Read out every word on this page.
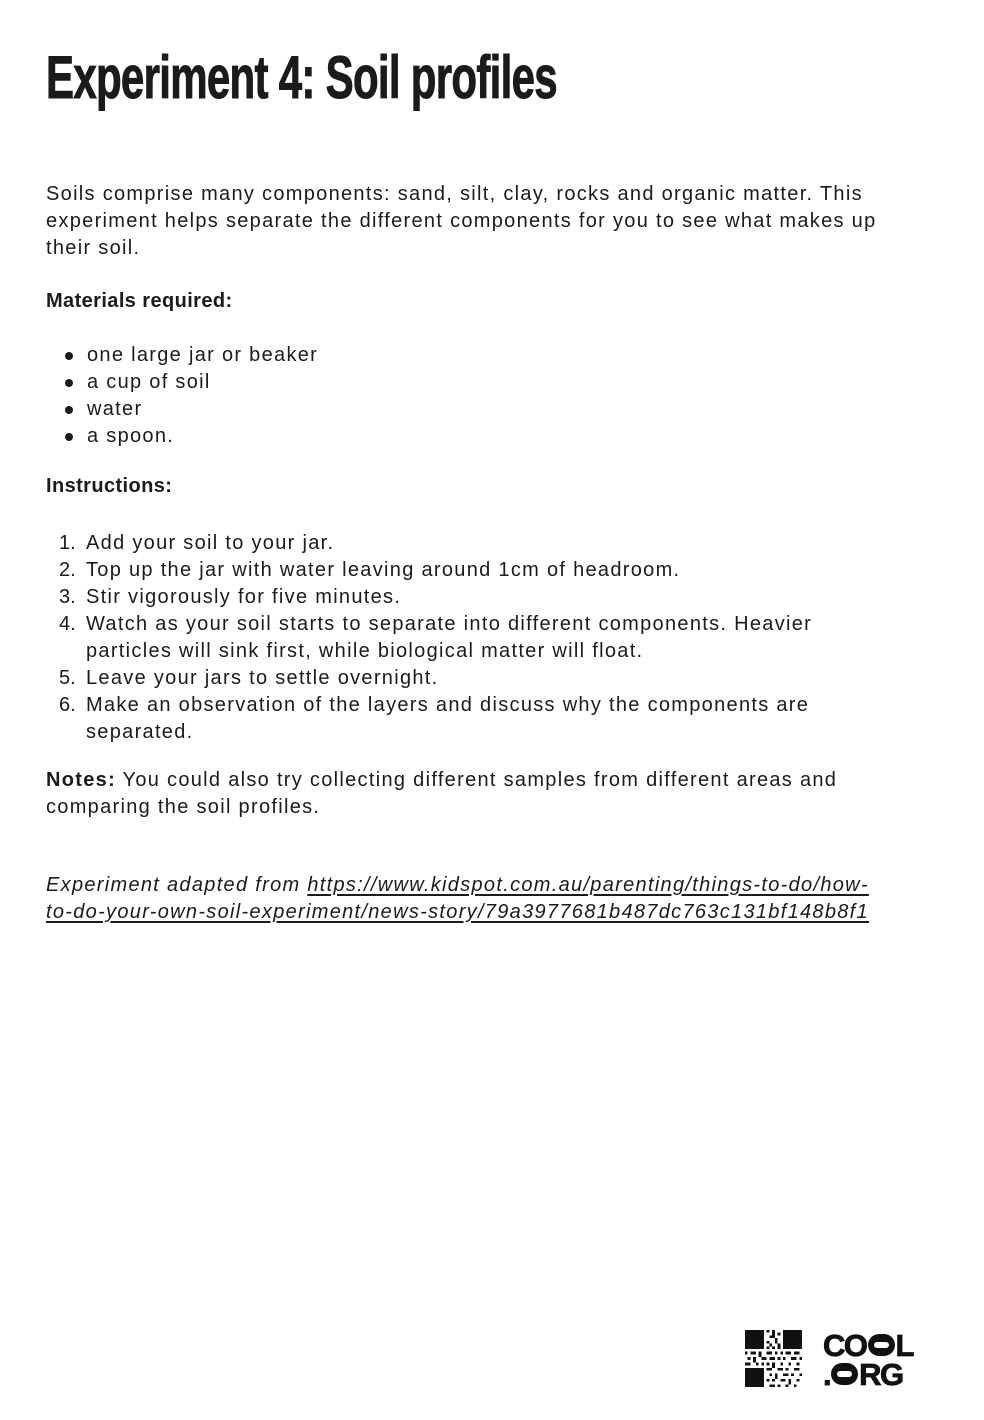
Experiment 4: Soil profiles

Soils comprise many components: sand, silt, clay, rocks and organic matter. This experiment helps separate the different components for you to see what makes up their soil.

Materials required:
one large jar or beaker
a cup of soil
water
a spoon.
Instructions:
Add your soil to your jar.
Top up the jar with water leaving around 1cm of headroom.
Stir vigorously for five minutes.
Watch as your soil starts to separate into different components. Heavier particles will sink first, while biological matter will float.
Leave your jars to settle overnight.
Make an observation of the layers and discuss why the components are separated.

Notes: You could also try collecting different samples from different areas and comparing the soil profiles.

Experiment adapted from https://www.kidspot.com.au/parenting/things-to-do/how-to-do-your-own-soil-experiment/news-story/79a3977681b487dc763c131bf148b8f1

CO L
. RG
